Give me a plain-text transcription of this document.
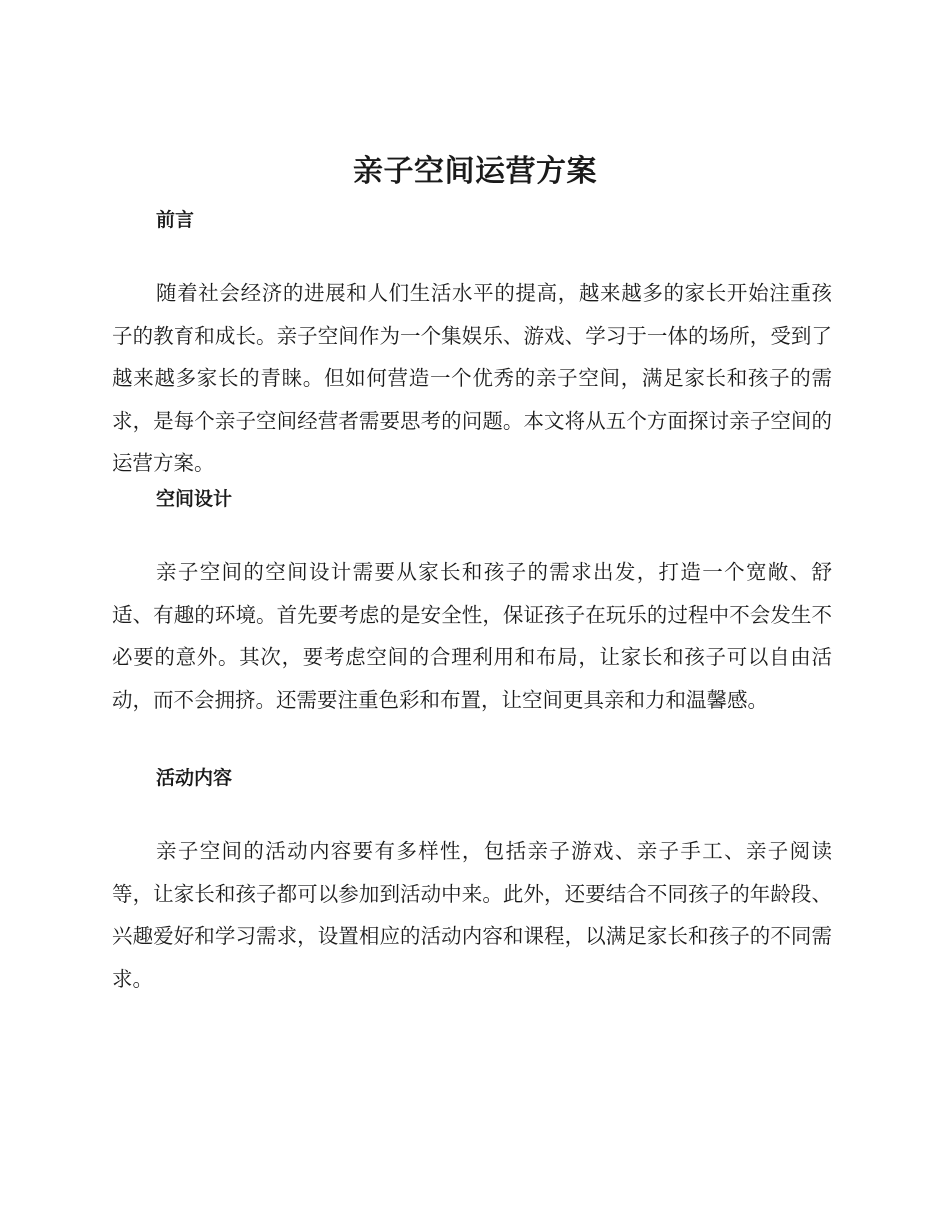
亲子空间运营方案
前言

随着社会经济的进展和人们生活水平的提高，越来越多的家长开始注重孩子的教育和成长。亲子空间作为一个集娱乐、游戏、学习于一体的场所，受到了越来越多家长的青睐。但如何营造一个优秀的亲子空间，满足家长和孩子的需求，是每个亲子空间经营者需要思考的问题。本文将从五个方面探讨亲子空间的运营方案。

空间设计

亲子空间的空间设计需要从家长和孩子的需求出发，打造一个宽敞、舒适、有趣的环境。首先要考虑的是安全性，保证孩子在玩乐的过程中不会发生不必要的意外。其次，要考虑空间的合理利用和布局，让家长和孩子可以自由活动，而不会拥挤。还需要注重色彩和布置，让空间更具亲和力和温馨感。

活动内容

亲子空间的活动内容要有多样性，包括亲子游戏、亲子手工、亲子阅读等，让家长和孩子都可以参加到活动中来。此外，还要结合不同孩子的年龄段、兴趣爱好和学习需求，设置相应的活动内容和课程，以满足家长和孩子的不同需求。
